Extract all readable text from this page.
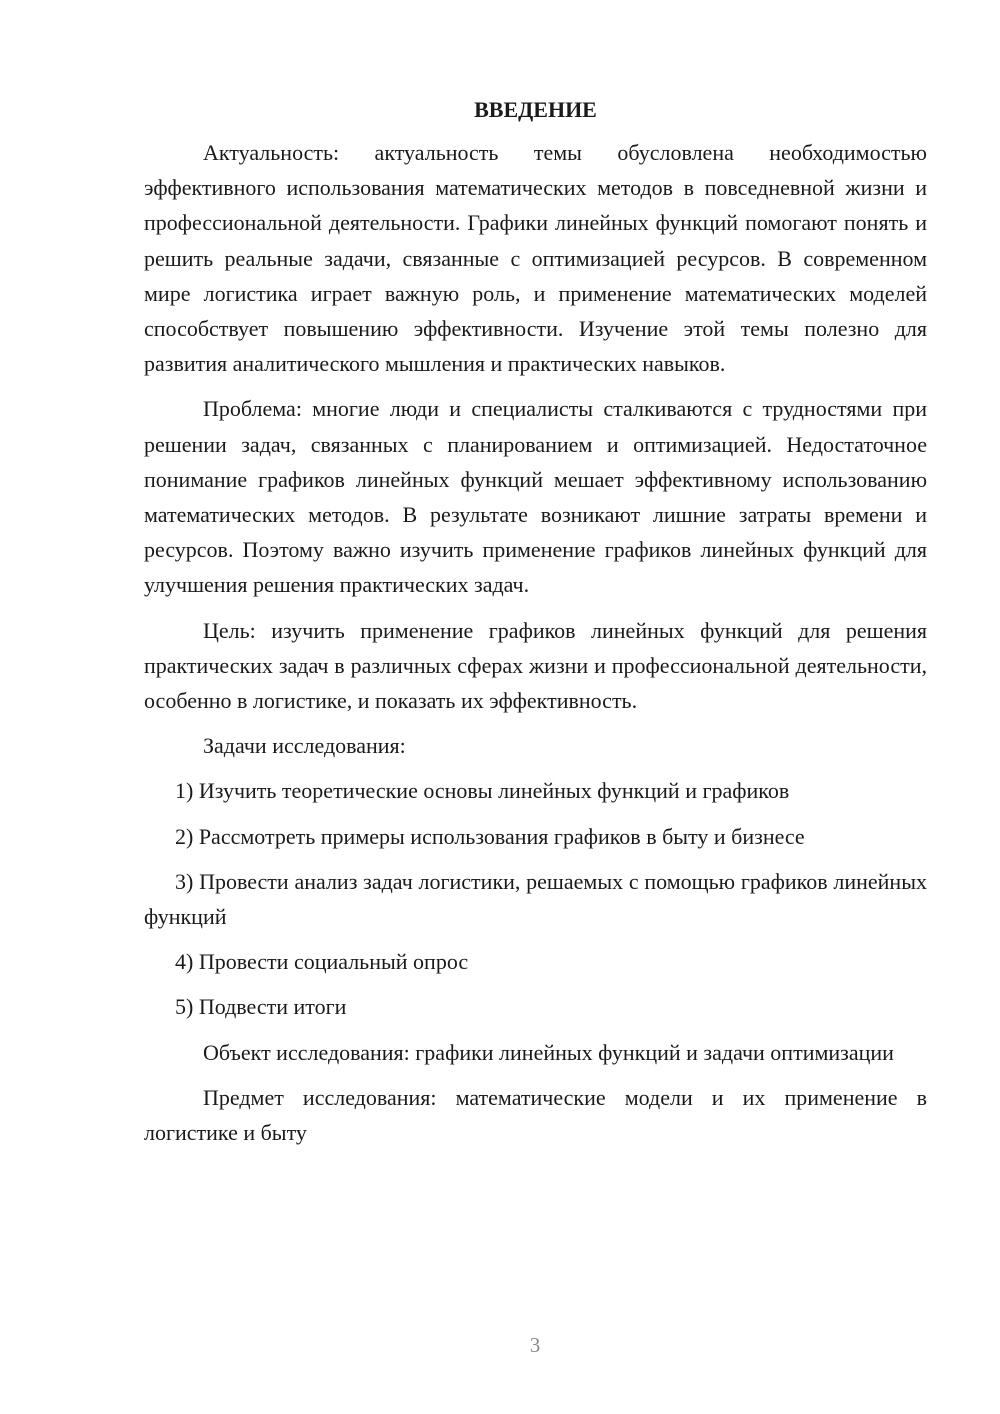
ВВЕДЕНИЕ

Актуальность: актуальность темы обусловлена необходимостью эффективного использования математических методов в повседневной жизни и профессиональной деятельности. Графики линейных функций помогают понять и решить реальные задачи, связанные с оптимизацией ресурсов. В современном мире логистика играет важную роль, и применение математических моделей способствует повышению эффективности. Изучение этой темы полезно для развития аналитического мышления и практических навыков.

Проблема: многие люди и специалисты сталкиваются с трудностями при решении задач, связанных с планированием и оптимизацией. Недостаточное понимание графиков линейных функций мешает эффективному использованию математических методов. В результате возникают лишние затраты времени и ресурсов. Поэтому важно изучить применение графиков линейных функций для улучшения решения практических задач.

Цель: изучить применение графиков линейных функций для решения практических задач в различных сферах жизни и профессиональной деятельности, особенно в логистике, и показать их эффективность.

Задачи исследования:

1) Изучить теоретические основы линейных функций и графиков

2) Рассмотреть примеры использования графиков в быту и бизнесе

3) Провести анализ задач логистики, решаемых с помощью графиков линейных функций

4) Провести социальный опрос

5) Подвести итоги

Объект исследования: графики линейных функций и задачи оптимизации

Предмет исследования: математические модели и их применение в логистике и быту

3
